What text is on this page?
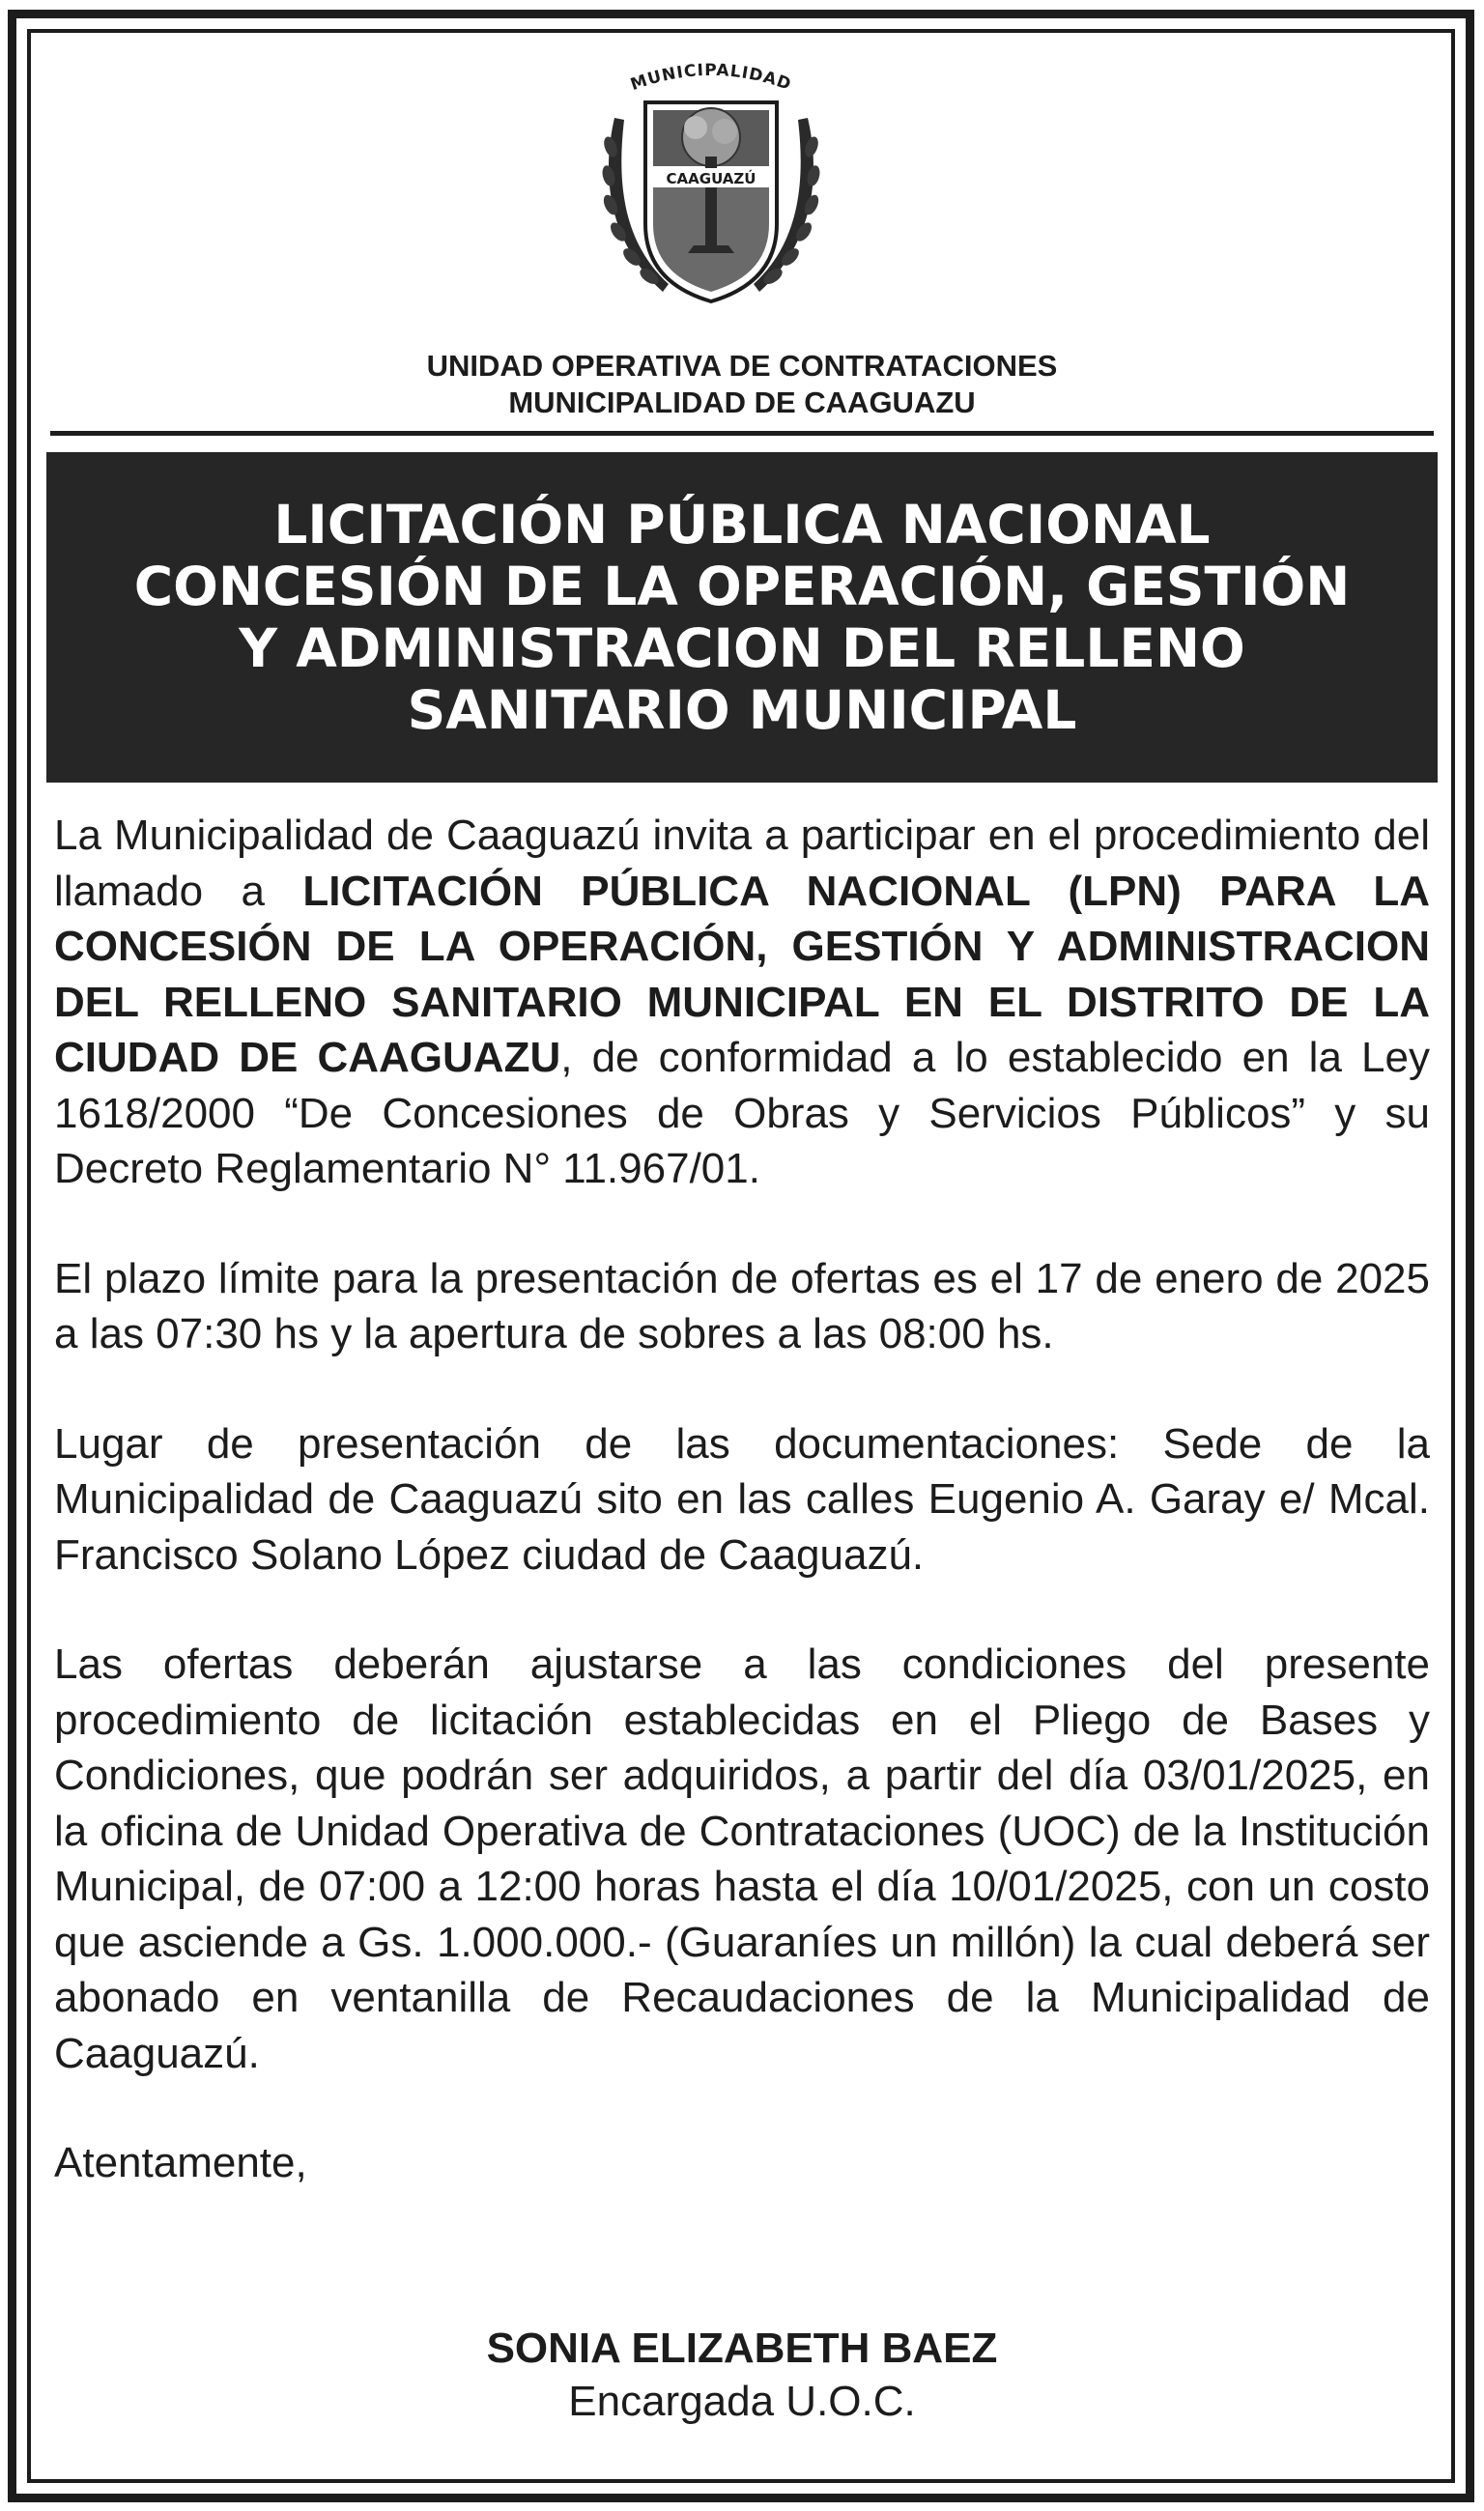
MUNICIPALIDAD
CAAGUAZÚ
UNIDAD OPERATIVA DE CONTRATACIONES
MUNICIPALIDAD DE CAAGUAZU
LICITACIÓN PÚBLICA NACIONAL
CONCESIÓN DE LA OPERACIÓN, GESTIÓN
Y ADMINISTRACION DEL RELLENO
SANITARIO MUNICIPAL

La Municipalidad de Caaguazú invita a participar en el procedimiento del llamado a LICITACIÓN PÚBLICA NACIONAL (LPN) PARA LA CONCESIÓN DE LA OPERACIÓN, GESTIÓN Y ADMINISTRACION DEL RELLENO SANITARIO MUNICIPAL EN EL DISTRITO DE LA CIUDAD DE CAAGUAZU, de conformidad a lo establecido en la Ley 1618/2000 “De Concesiones de Obras y Servicios Públicos” y su Decreto Reglamentario N° 11.967/01.

El plazo límite para la presentación de ofertas es el 17 de enero de 2025 a las 07:30 hs y la apertura de sobres a las 08:00 hs.

Lugar de presentación de las documentaciones: Sede de la Municipalidad de Caaguazú sito en las calles Eugenio A. Garay e/ Mcal. Francisco Solano López ciudad de Caaguazú.

Las ofertas deberán ajustarse a las condiciones del presente procedimiento de licitación establecidas en el Pliego de Bases y Condiciones, que podrán ser adquiridos, a partir del día 03/01/2025, en la oficina de Unidad Operativa de Contrataciones (UOC) de la Institución Municipal, de 07:00 a 12:00 horas hasta el día 10/01/2025, con un costo que asciende a Gs. 1.000.000.- (Guaraníes un millón) la cual deberá ser abonado en ventanilla de Recaudaciones de la Municipalidad de Caaguazú.

Atentamente,

SONIA ELIZABETH BAEZ
Encargada U.O.C.
